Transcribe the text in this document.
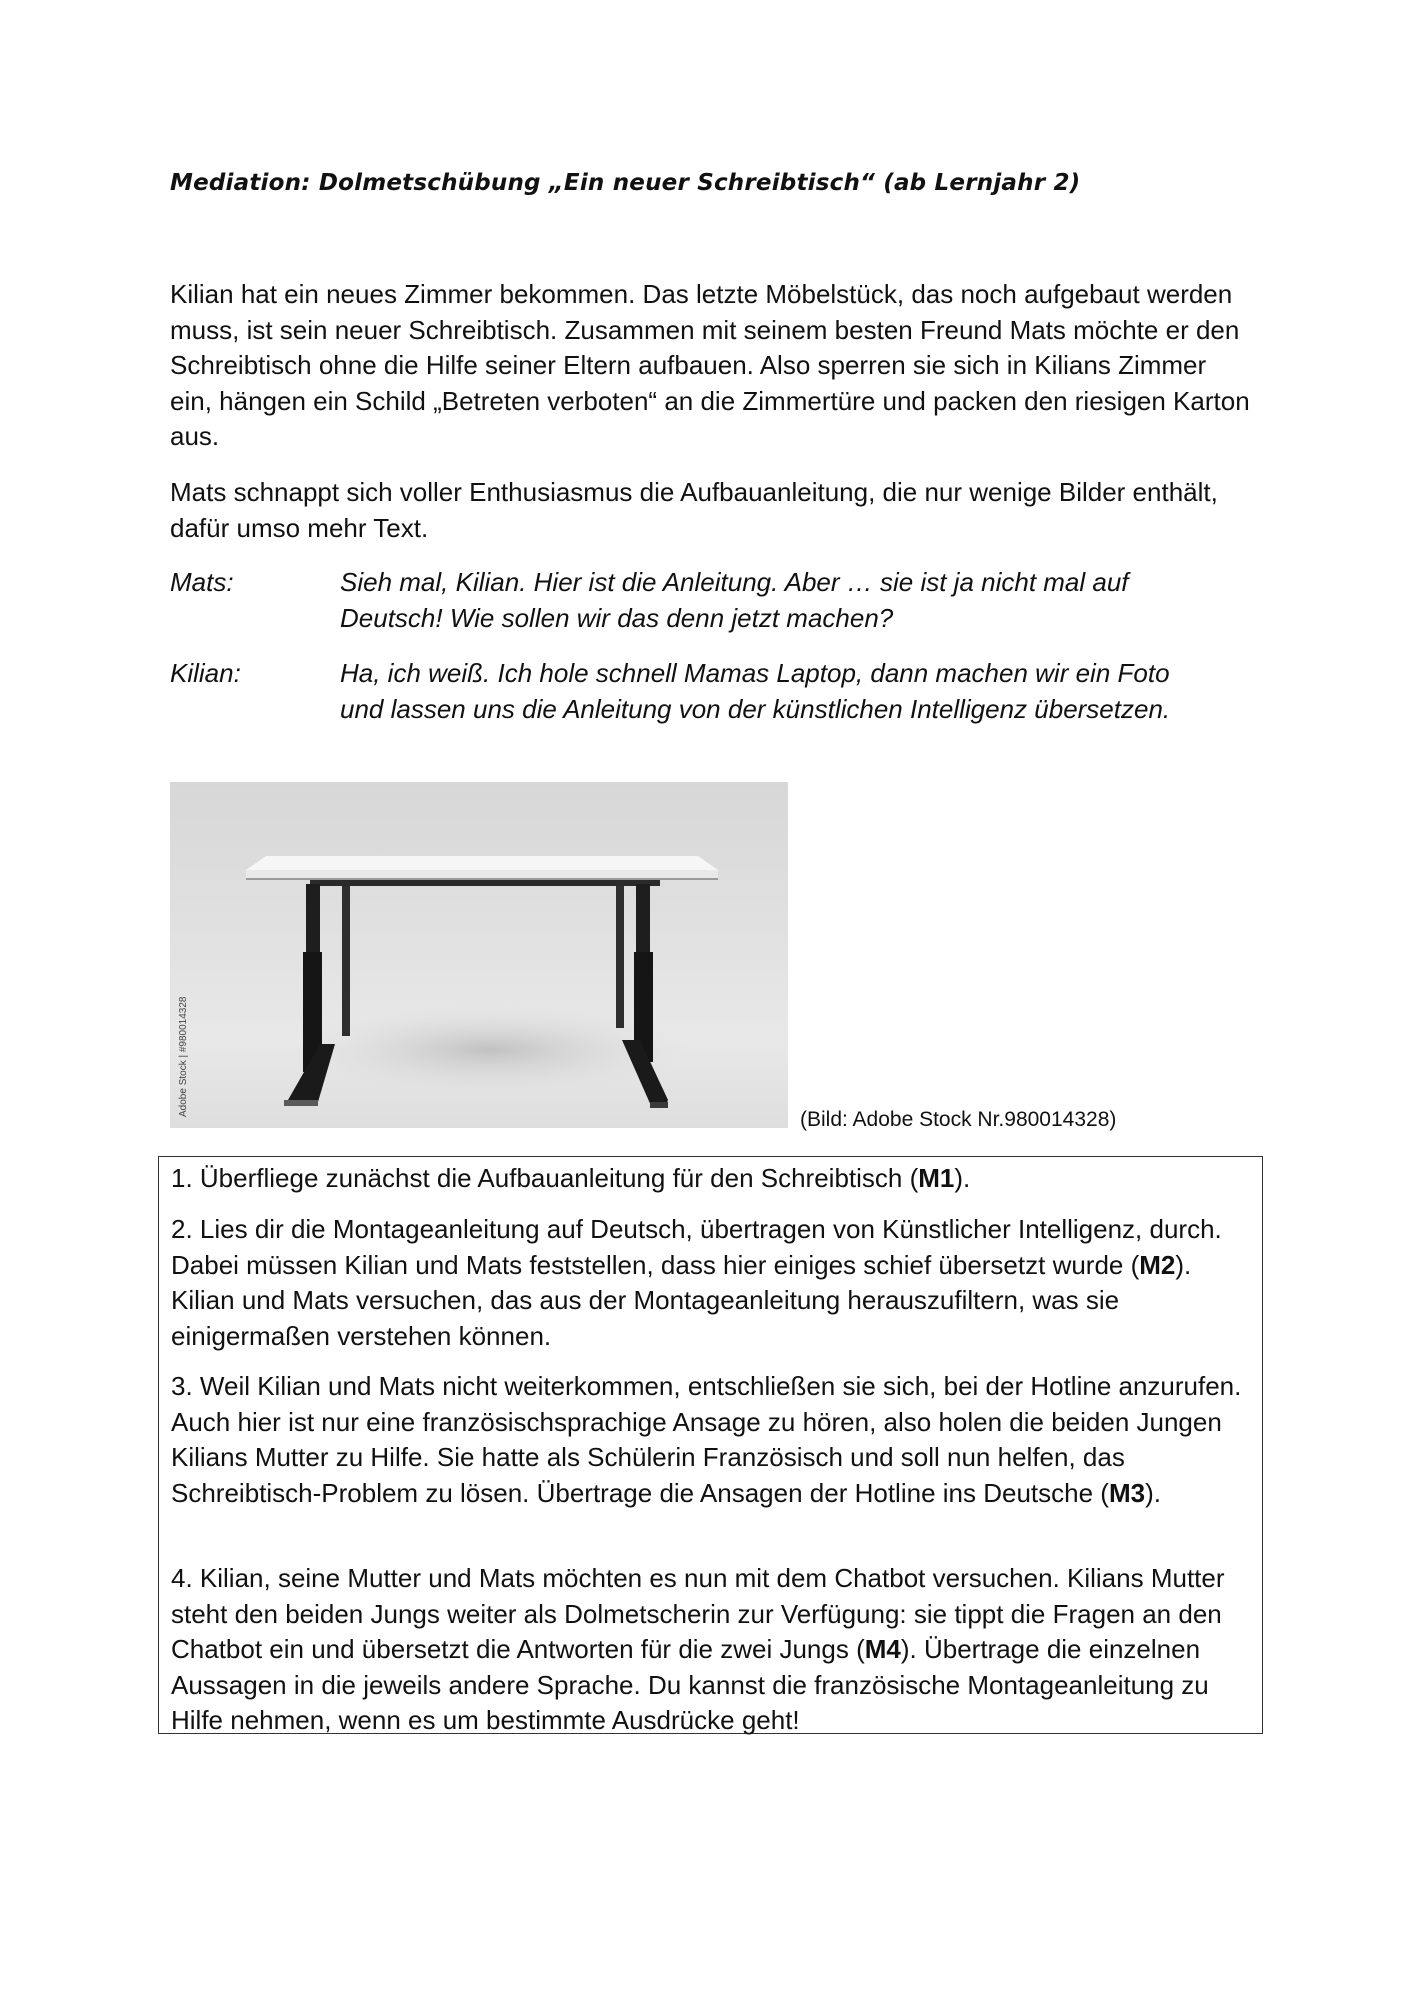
Mediation: Dolmetschübung „Ein neuer Schreibtisch“ (ab Lernjahr 2)

Kilian hat ein neues Zimmer bekommen. Das letzte Möbelstück, das noch aufgebaut werden muss, ist sein neuer Schreibtisch. Zusammen mit seinem besten Freund Mats möchte er den Schreibtisch ohne die Hilfe seiner Eltern aufbauen. Also sperren sie sich in Kilians Zimmer ein, hängen ein Schild „Betreten verboten“ an die Zimmertüre und packen den riesigen Karton aus.

Mats schnappt sich voller Enthusiasmus die Aufbauanleitung, die nur wenige Bilder enthält, dafür umso mehr Text.

Mats:	Sieh mal, Kilian. Hier ist die Anleitung. Aber … sie ist ja nicht mal auf Deutsch! Wie sollen wir das denn jetzt machen?
Kilian:	Ha, ich weiß. Ich hole schnell Mamas Laptop, dann machen wir ein Foto und lassen uns die Anleitung von der künstlichen Intelligenz übersetzen.
Adobe Stock | #980014328
(Bild: Adobe Stock Nr.980014328)

1. Überfliege zunächst die Aufbauanleitung für den Schreibtisch (M1).

2. Lies dir die Montageanleitung auf Deutsch, übertragen von Künstlicher Intelligenz, durch. Dabei müssen Kilian und Mats feststellen, dass hier einiges schief übersetzt wurde (M2). Kilian und Mats versuchen, das aus der Montageanleitung herauszufiltern, was sie einigermaßen verstehen können.

3. Weil Kilian und Mats nicht weiterkommen, entschließen sie sich, bei der Hotline anzurufen. Auch hier ist nur eine französischsprachige Ansage zu hören, also holen die beiden Jungen Kilians Mutter zu Hilfe. Sie hatte als Schülerin Französisch und soll nun helfen, das Schreibtisch-Problem zu lösen. Übertrage die Ansagen der Hotline ins Deutsche (M3).

4. Kilian, seine Mutter und Mats möchten es nun mit dem Chatbot versuchen. Kilians Mutter steht den beiden Jungs weiter als Dolmetscherin zur Verfügung: sie tippt die Fragen an den Chatbot ein und übersetzt die Antworten für die zwei Jungs (M4). Übertrage die einzelnen Aussagen in die jeweils andere Sprache. Du kannst die französische Montageanleitung zu Hilfe nehmen, wenn es um bestimmte Ausdrücke geht!
